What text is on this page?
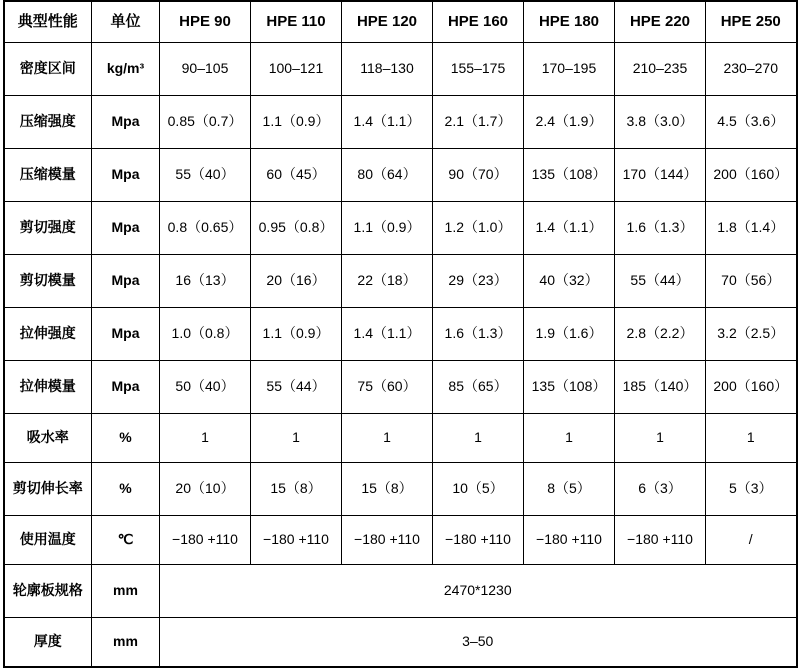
典型性能	单位	HPE 90	HPE 110	HPE 120	HPE 160	HPE 180	HPE 220	HPE 250
密度区间	kg/m³	90–105	100–121	118–130	155–175	170–195	210–235	230–270
压缩强度	Mpa	0.85（0.7）	1.1（0.9）	1.4（1.1）	2.1（1.7）	2.4（1.9）	3.8（3.0）	4.5（3.6）
压缩模量	Mpa	55（40）	60（45）	80（64）	90（70）	135（108）	170（144）	200（160）
剪切强度	Mpa	0.8（0.65）	0.95（0.8）	1.1（0.9）	1.2（1.0）	1.4（1.1）	1.6（1.3）	1.8（1.4）
剪切模量	Mpa	16（13）	20（16）	22（18）	29（23）	40（32）	55（44）	70（56）
拉伸强度	Mpa	1.0（0.8）	1.1（0.9）	1.4（1.1）	1.6（1.3）	1.9（1.6）	2.8（2.2）	3.2（2.5）
拉伸模量	Mpa	50（40）	55（44）	75（60）	85（65）	135（108）	185（140）	200（160）
吸水率	%	1	1	1	1	1	1	1
剪切伸长率	%	20（10）	15（8）	15（8）	10（5）	8（5）	6（3）	5（3）
使用温度	℃	−180 +110	−180 +110	−180 +110	−180 +110	−180 +110	−180 +110	/
轮廓板规格	mm	2470*1230						
厚度	mm	3–50						
